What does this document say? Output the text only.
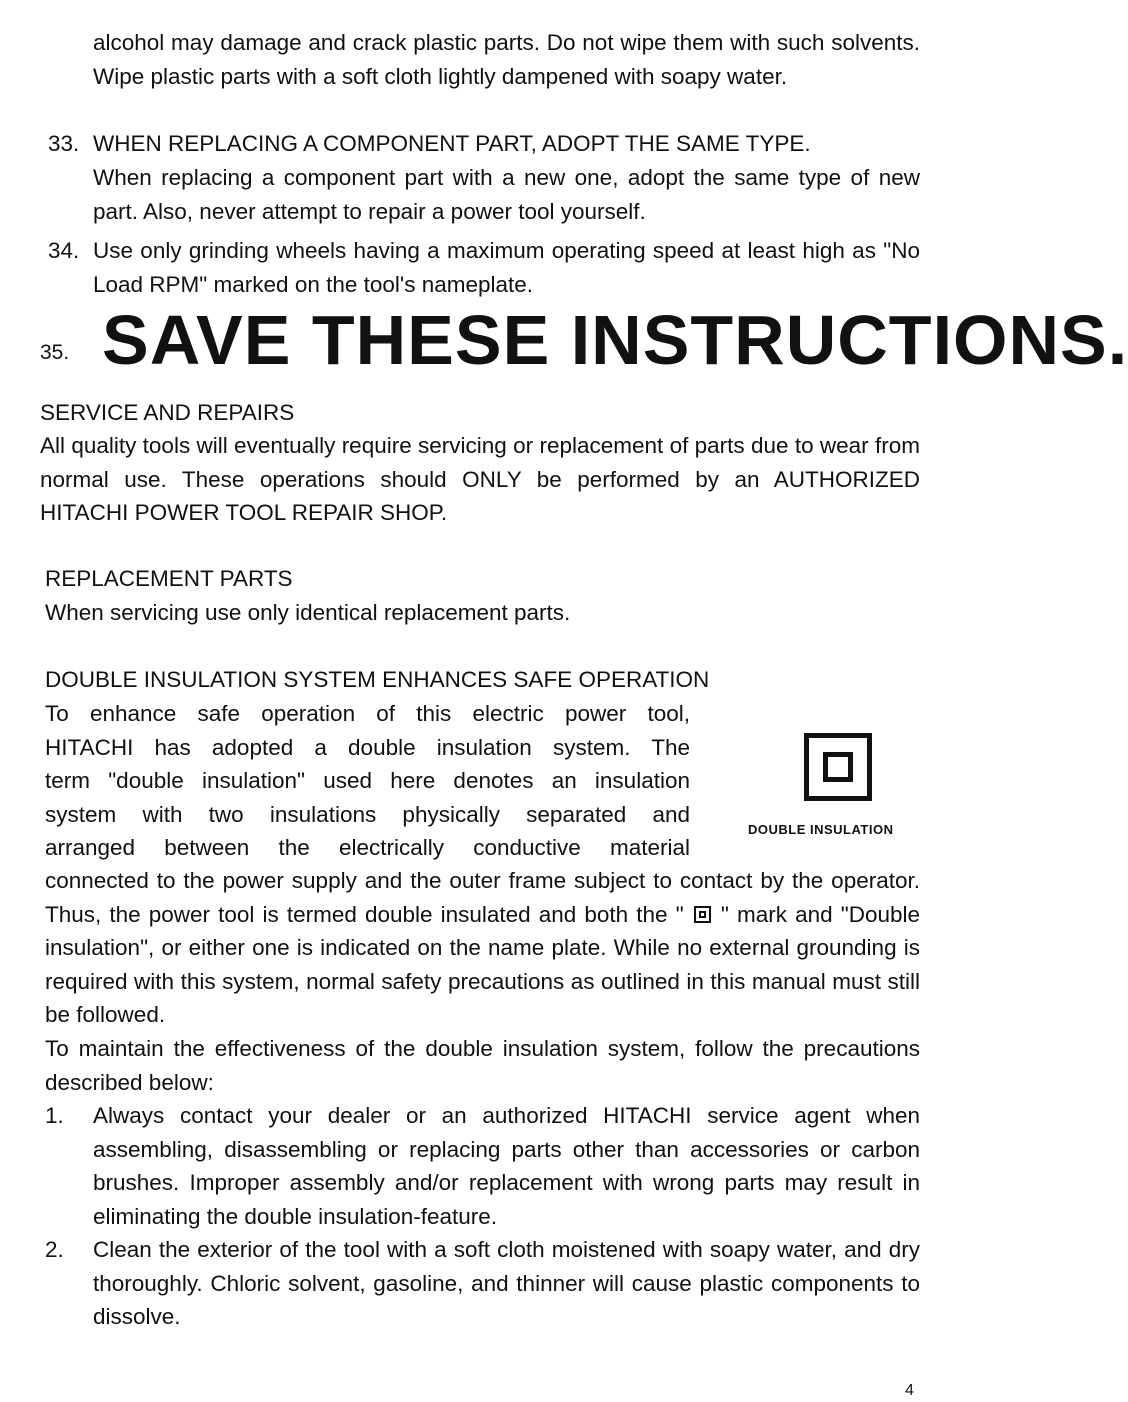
alcohol may damage and crack plastic parts. Do not wipe them with such solvents. Wipe plastic parts with a soft cloth lightly dampened with soapy water.
33. WHEN REPLACING A COMPONENT PART, ADOPT THE SAME TYPE.
When replacing a component part with a new one, adopt the same type of new part. Also, never attempt to repair a power tool yourself.
34. Use only grinding wheels having a maximum operating speed at least high as "No Load RPM" marked on the tool's nameplate.
35. SAVE THESE INSTRUCTIONS.
SERVICE AND REPAIRS
All quality tools will eventually require servicing or replacement of parts due to wear from normal use. These operations should ONLY be performed by an AUTHORIZED HITACHI POWER TOOL REPAIR SHOP.
REPLACEMENT PARTS
When servicing use only identical replacement parts.
DOUBLE INSULATION SYSTEM ENHANCES SAFE OPERATION
To enhance safe operation of this electric power tool,
HITACHI has adopted a double insulation system. The
term "double insulation" used here denotes an insulation
system with two insulations physically separated and
arranged between the electrically conductive material
DOUBLE INSULATION
connected to the power supply and the outer frame subject to contact by the operator. Thus, the power tool is termed double insulated and both the " " mark and "Double insulation", or either one is indicated on the name plate. While no external grounding is required with this system, normal safety precautions as outlined in this manual must still be followed.
To maintain the effectiveness of the double insulation system, follow the precautions described below:
1. Always contact your dealer or an authorized HITACHI service agent when assembling, disassembling or replacing parts other than accessories or carbon brushes. Improper assembly and/or replacement with wrong parts may result in eliminating the double insulation-feature.
2. Clean the exterior of the tool with a soft cloth moistened with soapy water, and dry thoroughly. Chloric solvent, gasoline, and thinner will cause plastic components to dissolve.
4
